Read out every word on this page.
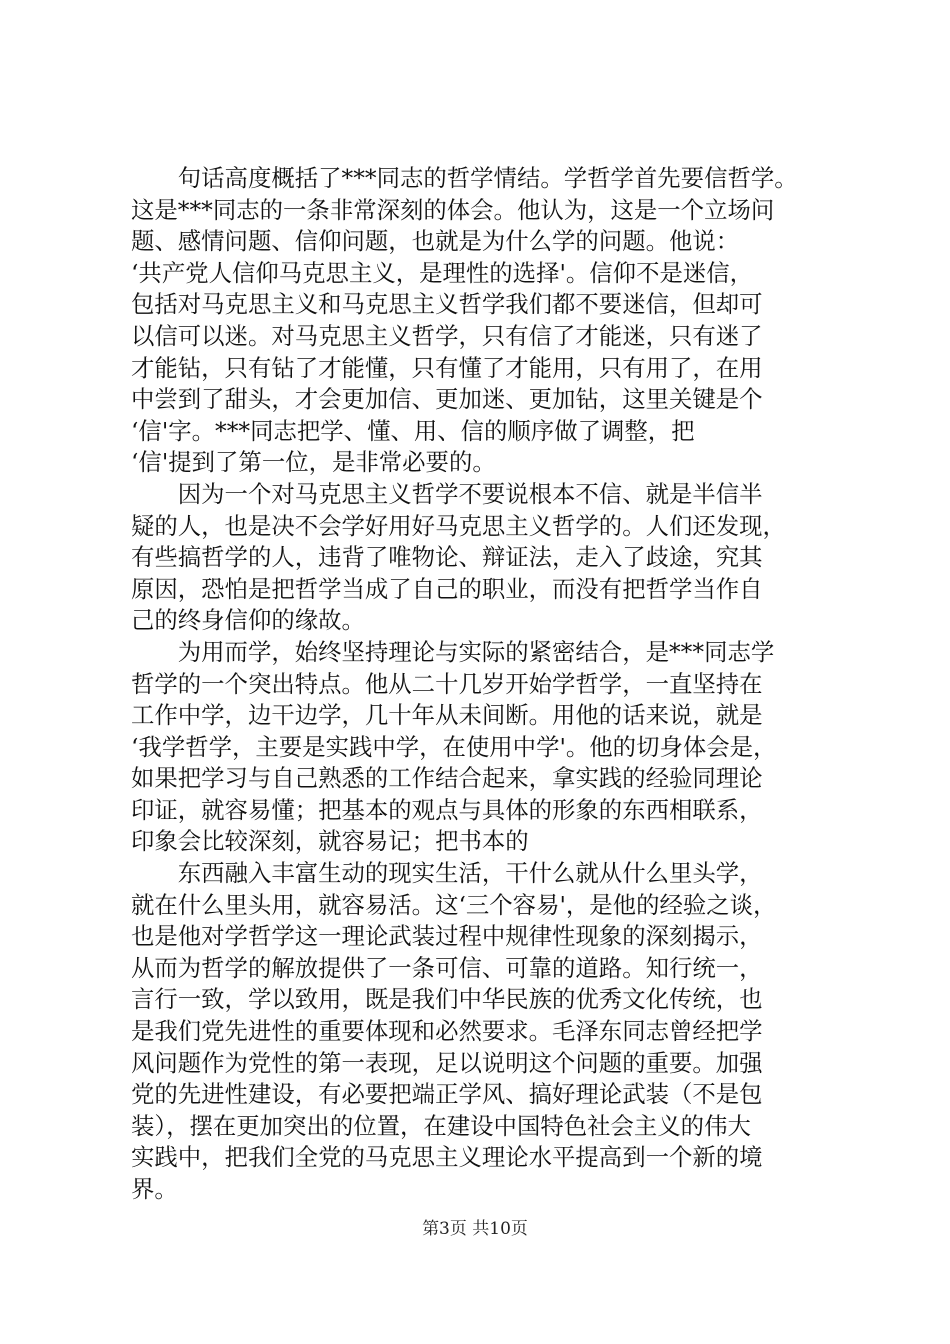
　　句话高度概括了***同志的哲学情结。学哲学首先要信哲学。
这是***同志的一条非常深刻的体会。他认为，这是一个立场问
题、感情问题、信仰问题，也就是为什么学的问题。他说：
‘共产党人信仰马克思主义，是理性的选择'。信仰不是迷信，
包括对马克思主义和马克思主义哲学我们都不要迷信，但却可
以信可以迷。对马克思主义哲学，只有信了才能迷，只有迷了
才能钻，只有钻了才能懂，只有懂了才能用，只有用了，在用
中尝到了甜头，才会更加信、更加迷、更加钻，这里关键是个
‘信'字。***同志把学、懂、用、信的顺序做了调整，把
‘信'提到了第一位，是非常必要的。
　　因为一个对马克思主义哲学不要说根本不信、就是半信半
疑的人，也是决不会学好用好马克思主义哲学的。人们还发现，
有些搞哲学的人，违背了唯物论、辩证法，走入了歧途，究其
原因，恐怕是把哲学当成了自己的职业，而没有把哲学当作自
己的终身信仰的缘故。
　　为用而学，始终坚持理论与实际的紧密结合，是***同志学
哲学的一个突出特点。他从二十几岁开始学哲学，一直坚持在
工作中学，边干边学，几十年从未间断。用他的话来说，就是
‘我学哲学，主要是实践中学，在使用中学'。他的切身体会是，
如果把学习与自己熟悉的工作结合起来，拿实践的经验同理论
印证，就容易懂；把基本的观点与具体的形象的东西相联系，
印象会比较深刻，就容易记；把书本的
　　东西融入丰富生动的现实生活，干什么就从什么里头学，
就在什么里头用，就容易活。这‘三个容易'，是他的经验之谈，
也是他对学哲学这一理论武装过程中规律性现象的深刻揭示，
从而为哲学的解放提供了一条可信、可靠的道路。知行统一，
言行一致，学以致用，既是我们中华民族的优秀文化传统，也
是我们党先进性的重要体现和必然要求。毛泽东同志曾经把学
风问题作为党性的第一表现，足以说明这个问题的重要。加强
党的先进性建设，有必要把端正学风、搞好理论武装（不是包
装），摆在更加突出的位置，在建设中国特色社会主义的伟大
实践中，把我们全党的马克思主义理论水平提高到一个新的境
界。
第3页 共10页
